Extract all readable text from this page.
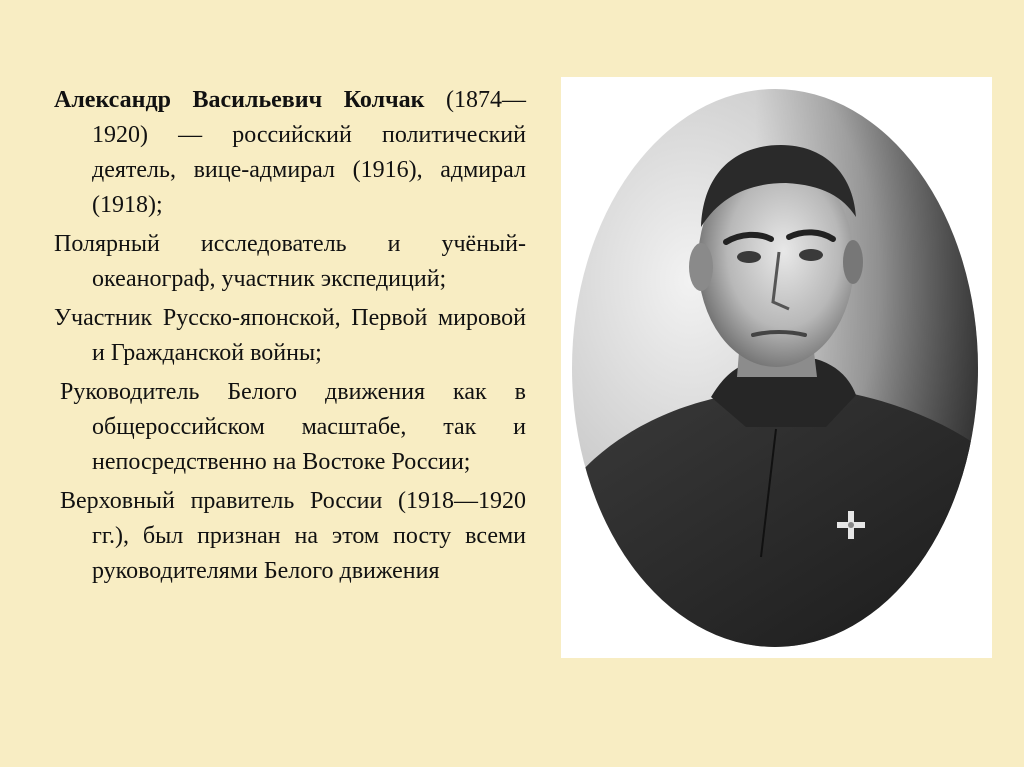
Александр Васильевич Колчак (1874—1920) — российский политический деятель, вице-адмирал (1916), адмирал (1918);

Полярный исследователь и учёный-океанограф, участник экспедиций;

Участник Русско-японской, Первой мировой и Гражданской войны;

Руководитель Белого движения как в общероссийском масштабе, так и непосредственно на Востоке России;

Верховный правитель России (1918—1920 гг.), был признан на этом посту всеми руководителями Белого движения
